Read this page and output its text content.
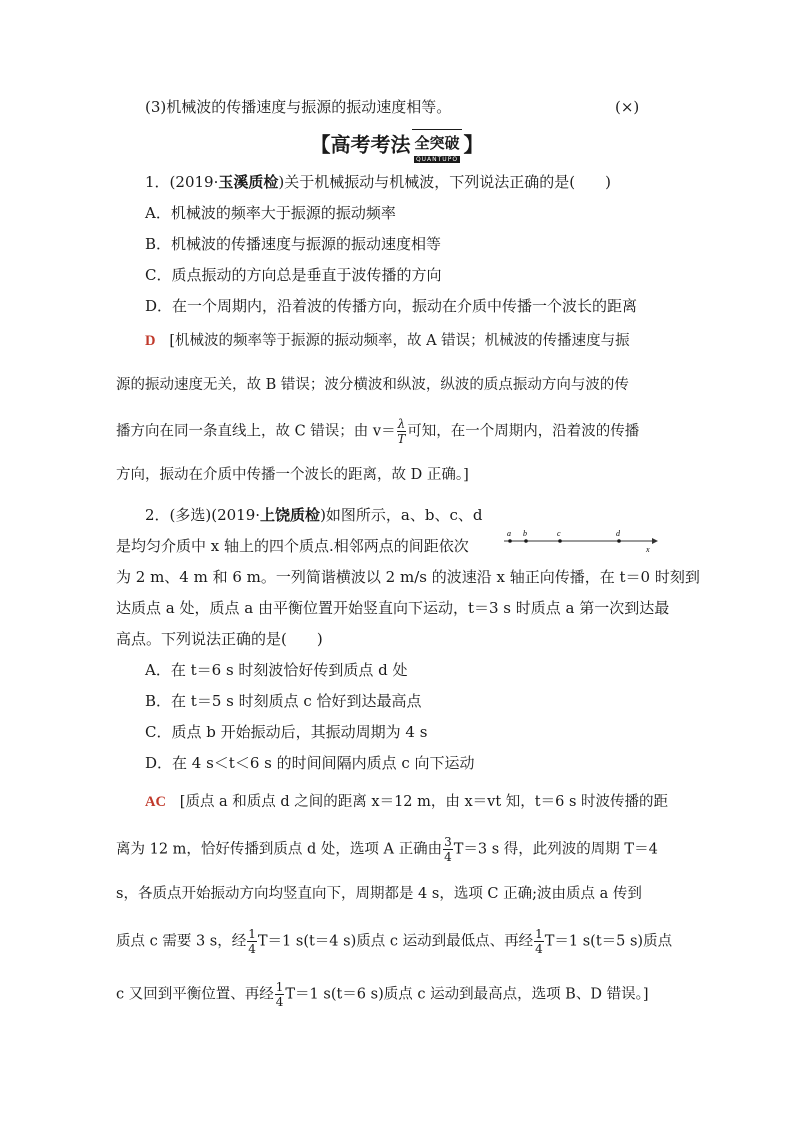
(3)机械波的传播速度与振源的振动速度相等。	(×)
【高考考法 全突破
QUANTUPO
】
1．(2019·玉溪质检)关于机械振动与机械波，下列说法正确的是(　　)
A．机械波的频率大于振源的振动频率
B．机械波的传播速度与振源的振动速度相等
C．质点振动的方向总是垂直于波传播的方向
D．在一个周期内，沿着波的传播方向，振动在介质中传播一个波长的距离
D [机械波的频率等于振源的振动频率，故 A 错误；机械波的传播速度与振
源的振动速度无关，故 B 错误；波分横波和纵波，纵波的质点振动方向与波的传
播方向在同一条直线上，故 C 错误；由 $v= \frac{\lambda}{T}$ 可知，在一个周期内，沿着波的传播
方向，振动在介质中传播一个波长的距离，故 D 正确。]
2．(多选)(2019·上饶质检)如图所示，a、b、c、d
是均匀介质中 x 轴上的四个质点.相邻两点的间距依次
为 2 m、4 m 和 6 m。一列简谐横波以 2 m/s 的波速沿 x 轴正向传播，在 t＝0 时刻到
达质点 a 处，质点 a 由平衡位置开始竖直向下运动，t＝3 s 时质点 a 第一次到达最
高点。下列说法正确的是(　　)
a b	c	d
x
A．在 t＝6 s 时刻波恰好传到质点 d 处
B．在 t＝5 s 时刻质点 c 恰好到达最高点
C．质点 b 开始振动后，其振动周期为 4 s
D．在 4 s＜t＜6 s 的时间间隔内质点 c 向下运动
AC [质点 a 和质点 d 之间的距离 x＝12 m，由 x＝vt 知，t＝6 s 时波传播的距
离为 12 m，恰好传播到质点 d 处，选项 A 正确由 $\frac{3}{4} T=3$ s 得，此列波的周期 T＝4
s，各质点开始振动方向均竖直向下，周期都是 4 s，选项 C 正确;波由质点 a 传到
质点 c 需要 3 s，经 $\frac{1}{4} T=1$ s(t＝4 s)质点 c 运动到最低点、再经 $\frac{1}{4} T=1$ s(t＝5 s)质点
c 又回到平衡位置、再经 $\frac{1}{4} T=1$ s(t＝6 s)质点 c 运动到最高点，选项 B、D 错误。]
